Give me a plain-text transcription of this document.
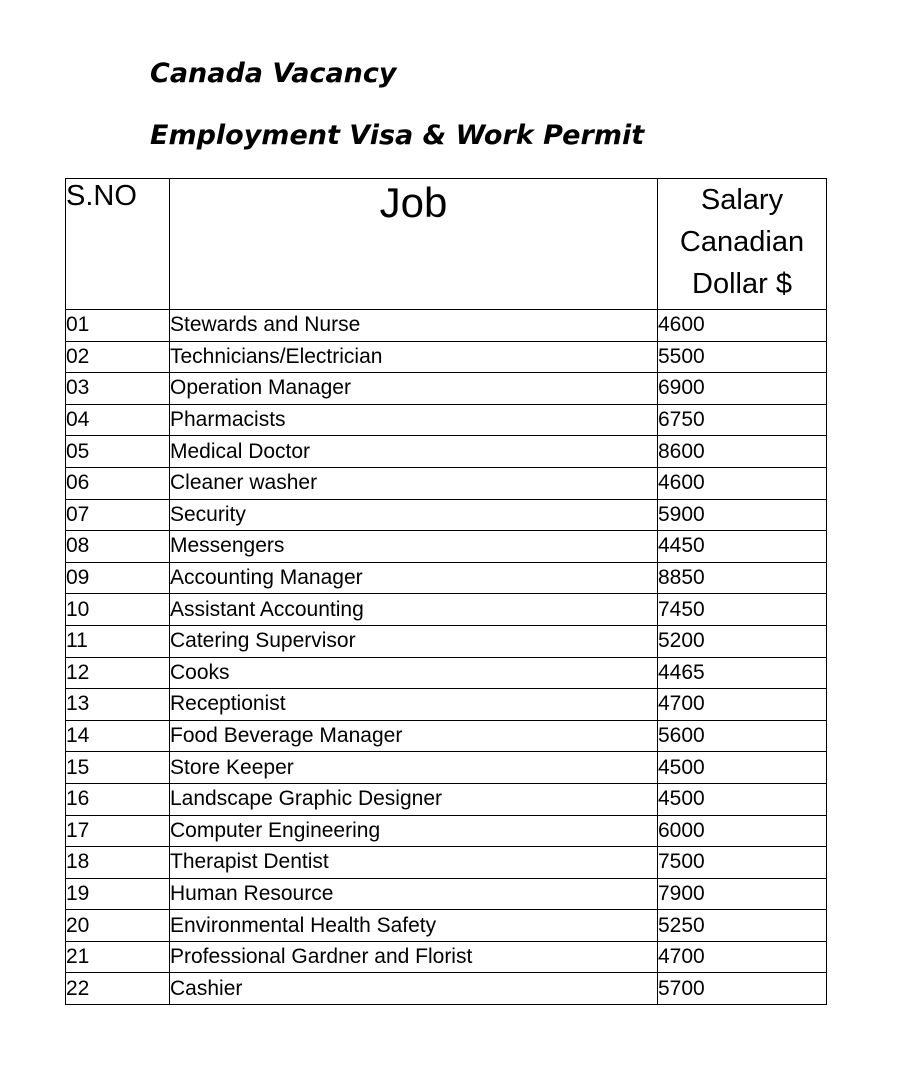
Canada Vacancy
Employment Visa & Work Permit
S.NO	Job	Salary
Canadian
Dollar $

01	Stewards and Nurse	4600
02	Technicians/Electrician	5500
03	Operation Manager	6900
04	Pharmacists	6750
05	Medical Doctor	8600
06	Cleaner washer	4600
07	Security	5900
08	Messengers	4450
09	Accounting Manager	8850
10	Assistant Accounting	7450
11	Catering Supervisor	5200
12	Cooks	4465
13	Receptionist	4700
14	Food Beverage Manager	5600
15	Store Keeper	4500
16	Landscape Graphic Designer	4500
17	Computer Engineering	6000
18	Therapist Dentist	7500
19	Human Resource	7900
20	Environmental Health Safety	5250
21	Professional Gardner and Florist	4700
22	Cashier	5700
